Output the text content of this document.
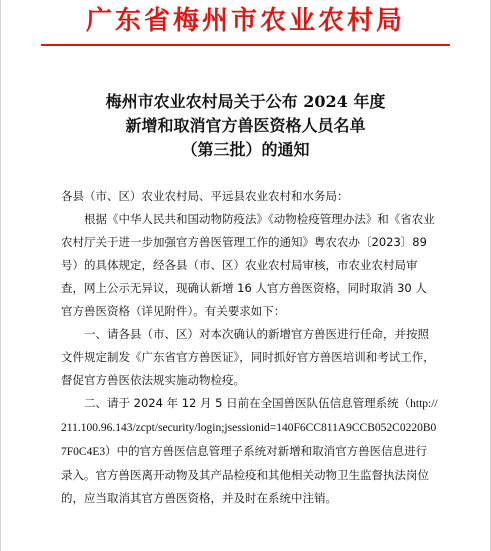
广东省梅州市农业农村局
梅州市农业农村局关于公布 2024 年度
新增和取消官方兽医资格人员名单
（第三批）的通知

各县（市、区）农业农村局、平远县农业农村和水务局：

根据《中华人民共和国动物防疫法》《动物检疫管理办法》和《省农业农村厅关于进一步加强官方兽医管理工作的通知》粤农农办〔2023〕89 号）的具体规定，经各县（市、区）农业农村局审核，市农业农村局审查，网上公示无异议，现确认新增 16 人官方兽医资格，同时取消 30 人官方兽医资格（详见附件）。有关要求如下：

一、请各县（市、区）对本次确认的新增官方兽医进行任命，并按照文件规定制发《广东省官方兽医证》，同时抓好官方兽医培训和考试工作，督促官方兽医依法规实施动物检疫。

二、请于 2024 年 12 月 5 日前在全国兽医队伍信息管理系统（http://211.100.96.143/zcpt/security/login;jsessionid=140F6CC811A9CCB052C0220B07F0C4E3）中的官方兽医信息管理子系统对新增和取消官方兽医信息进行录入。官方兽医离开动物及其产品检疫和其他相关动物卫生监督执法岗位的，应当取消其官方兽医资格，并及时在系统中注销。
